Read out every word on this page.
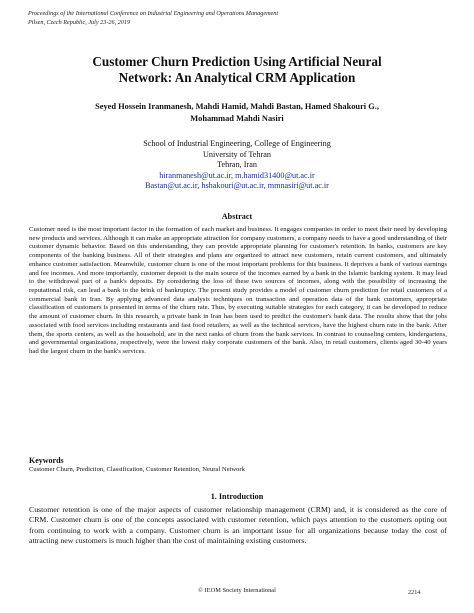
Proceedings of the International Conference on Industrial Engineering and Operations Management
Pilsen, Czech Republic, July 23-26, 2019
Customer Churn Prediction Using Artificial Neural
Network: An Analytical CRM Application
Seyed Hossein Iranmanesh, Mahdi Hamid, Mahdi Bastan, Hamed Shakouri G.,
Mohammad Mahdi Nasiri
School of Industrial Engineering, College of Engineering
University of Tehran
Tehran, Iran
hiranmanesh@ut.ac.ir, m.hamid31400@ut.ac.ir
Bastan@ut.ac.ir, hshakouri@ut.ac.ir, mmnasiri@ut.ac.ir
Abstract
Customer need is the most important factor in the formation of each market and business. It engages companies in order to meet their need by developing new products and services. Although it can make an appropriate attraction for company customers, a company needs to have a good understanding of their customer dynamic behavior. Based on this understanding, they can provide appropriate planning for customer's retention. In banks, customers are key components of the banking business. All of their strategies and plans are organized to attract new customers, retain current customers, and ultimately enhance customer satisfaction. Meanwhile, customer churn is one of the most important problems for this business. It deprives a bank of various earnings and fee incomes. And more importantly, customer deposit is the main source of the incomes earned by a bank in the Islamic banking system. It may lead to the withdrawal part of a bank's deposits. By considering the loss of these two sources of incomes, along with the possibility of increasing the reputational risk, can lead a bank to the brink of bankruptcy. The present study provides a model of customer churn prediction for retail customers of a commercial bank in Iran. By applying advanced data analysis techniques on transaction and operation data of the bank customers, appropriate classification of customers is presented in terms of the churn rate. Thus, by executing suitable strategies for each category, it can be developed to reduce the amount of customer churn. In this research, a private bank in Iran has been used to predict the customer's bank data. The results show that the jobs associated with food services including restaurants and fast food retailers, as well as the technical services, have the highest churn rate in the bank. After them, the sports centers, as well as the household, are in the next ranks of churn from the bank services. In contrast to counseling centers, kindergartens, and governmental organizations, respectively, were the lowest risky corporate customers of the bank. Also, in retail customers, clients aged 30-40 years had the largest churn in the bank's services.
Keywords
Customer Churn, Prediction, Classification, Customer Retention, Neural Network
1. Introduction
Customer retention is one of the major aspects of customer relationship management (CRM) and, it is considered as the core of CRM. Customer churn is one of the concepts associated with customer retention, which pays attention to the customers opting out from continuing to work with a company. Customer churn is an important issue for all organizations because today the cost of attracting new customers is much higher than the cost of maintaining existing customers.
© IEOM Society International	2214
